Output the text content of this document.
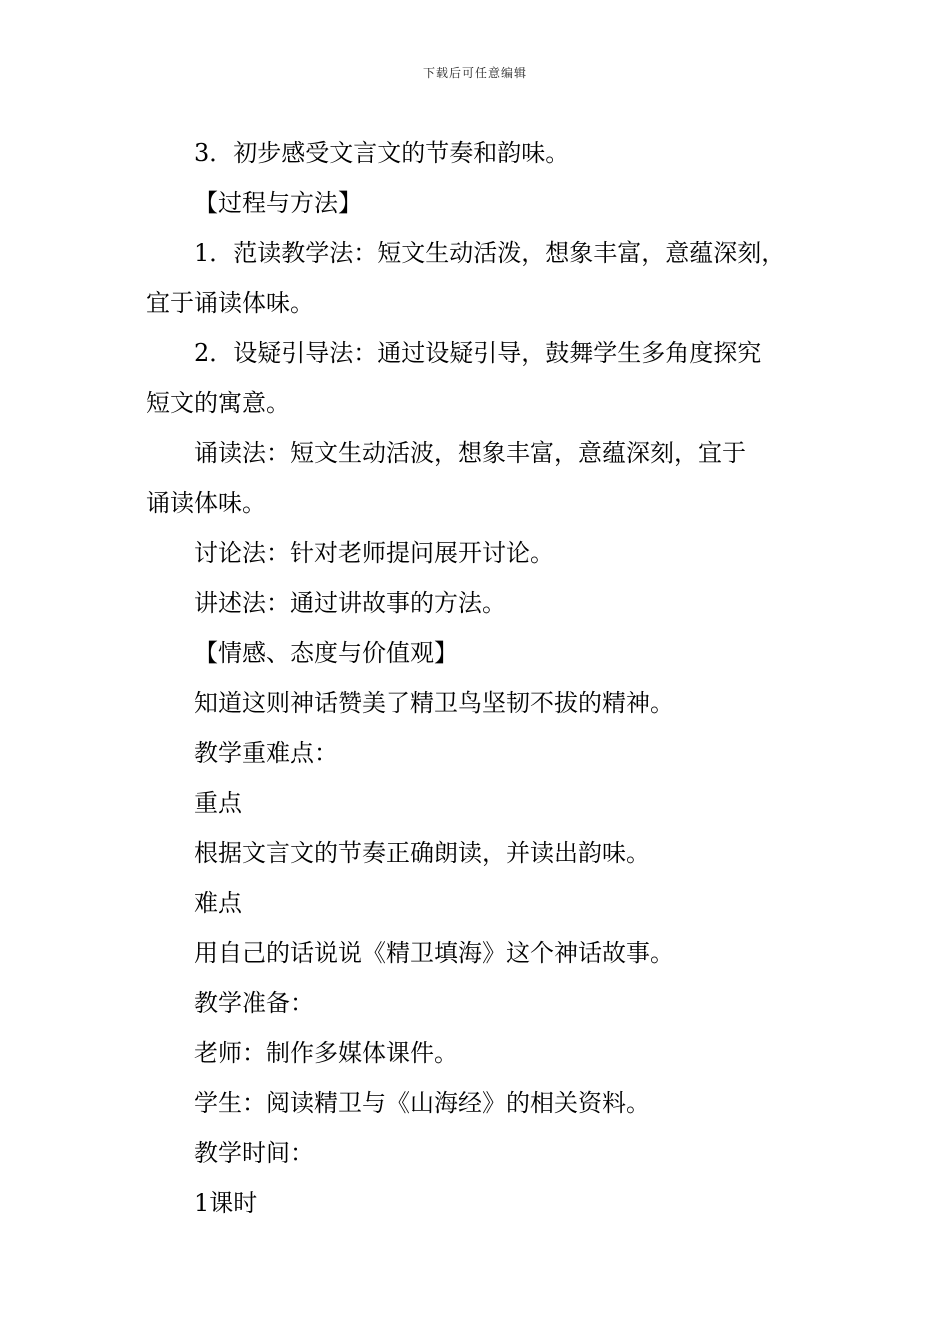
下载后可任意编辑

3．初步感受文言文的节奏和韵味。

【过程与方法】

1．范读教学法：短文生动活泼，想象丰富，意蕴深刻，

宜于诵读体味。

2．设疑引导法：通过设疑引导，鼓舞学生多角度探究

短文的寓意。

诵读法：短文生动活波，想象丰富，意蕴深刻，宜于

诵读体味。

讨论法：针对老师提问展开讨论。

讲述法：通过讲故事的方法。

【情感、态度与价值观】

知道这则神话赞美了精卫鸟坚韧不拔的精神。

教学重难点：

重点

根据文言文的节奏正确朗读，并读出韵味。

难点

用自己的话说说《精卫填海》这个神话故事。

教学准备：

老师：制作多媒体课件。

学生：阅读精卫与《山海经》的相关资料。

教学时间：

1课时
